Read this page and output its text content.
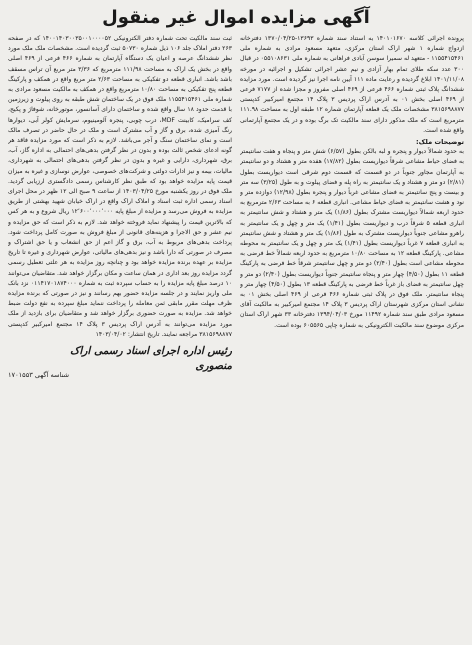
آگهی مزایده اموال غیر منقول

پرونده اجرائی کلاسه ۱۴۰۱۰۱۶۷۰ به استناد سند شماره ۱۳۶۹۳-۱۳۷۰/۰۴/۲۵ دفترخانه ازدواج شماره ۱ شهر اراک استان مرکزی، متعهد مسعود مرادی به شماره ملی ۱۱۵۵۴۱۵۴۶۱ - متعهد له سمیرا سوسن آبادی فراهانی به شماره ملی ۰۵۵۱۰۸۶۳۱ در قبال ۳۰۰ عدد سکه طلای تمام بهار آزادی و نیم عشر اجرائی تشکیل و اجرائیه در مورخه ۱۴۰۱/۱۱/۰۸ ابلاغ گردیده و رعایت ماده ۱۱۱ آیین نامه اجرا نیز گردیده است. مورد مزایده ششدانگ پلاک ثبتی شماره ۴۶۶ فرعی از ۴۶۹ اصلی مفروز و مجزا شده از ۷۱۷۷ فرعی از ۴۶۹ اصلی بخش ۰۱ به آدرس اراک پردیس ۳ پلاک ۱۴ مجتمع امیرکبیر کدپستی ۳۸۱۵۶۹۸۸۷۷ مشخصات ملک یک قطعه آپارتمان شماره ۱۲ طبقه اول به مساحت ۱۱۱.۹۸ مترمربع است که ملک مذکور دارای سند مالکیت تک برگ بوده و در یک مجتمع آپارتمانی واقع شده است.

توضیحات ملک:

به حدود شمالاً دیوار و پنجره و لبه بالکن بطول (۶/۵۷) شش متر و پنجاه و هفت سانتیمتر به فضای حیاط مشاعی شرقاً دیواریست بطول (۱۷/۸۲) هفده متر و هشتاد و دو سانتیمتر به آپارتمان مجاور جنوباً در دو قسمت که قسمت دوم شرقی است دیواریست بطول (۲/۸۱) دو متر و هشتاد و یک سانتیمتر به راه پله و فضای پیلوت و به طول (۳/۲۵) سه متر و بیست و پنج سانتیمتر به فضای مشاعی غرباً دیوار و پنجره بطول (۱۲/۹۸) دوازده متر و نود و هشت سانتیمتر به فضای حیاط مشاعی. انباری قطعه ۶ به مساحت ۲/۶۳ مترمربع به حدود اربعه شمالاً دیواریست مشترک بطول (۱/۸۶) یک متر و هشتاد و شش سانتیمتر به انباری قطعه ۵ شرقاً درب و دیواریست بطول (۱/۴۱) یک متر و چهل و یک سانتیمتر به راهرو مشاعی جنوباً دیواریست مشترک به طول (۱/۸۶) یک متر و هشتاد و شش سانتیمتر به انباری قطعه ۷ غرباً دیواریست بطول (۱/۴۱) یک متر و چهل و یک سانتیمتر به محوطه مشاعی. پارکینگ قطعه ۱۲ به مساحت ۱۰/۸۰ مترمربع به حدود اربعه شمالاً خط فرضی به محوطه مشاعی است بطول (۲/۴۰) دو متر و چهل سانتیمتر شرقاً خط فرضی به پارکینگ قطعه ۱۱ بطول (۴/۵۰) چهار متر و پنجاه سانتیمتر جنوباً دیواریست بطول (۲/۴۰) دو متر و چهل سانتیمتر به فضای باز غرباً خط فرضی به پارکینگ قطعه ۱۳ بطول (۴/۵۰) چهار متر و پنجاه سانتیمتر. ملک فوق در پلاک ثبتی شماره ۴۶۶ فرعی از ۴۶۹ اصلی بخش ۰۱ به نشانی استان مرکزی شهرستان اراک پردیس ۳ پلاک ۱۴ مجتمع امیرکبیر به مالکیت آقای مسعود مرادی طبق سند شماره ۱۱۴۹۲ مورخ ۱۳۹۴/۰۴/۰۳ دفترخانه ۳۳ شهر اراک استان مرکزی موضوع سند مالکیت الکترونیکی به شماره چاپی ۶۰۵۵۶۵ بوده است.

ثبت سند مالکیت تحت شماره دفتر الکترونیکی ۱۴۰۰۱۴۰۳۰۰۳۵۰۰۱۰۰۰۰۵۲ که در صفحه ۲۶۳ دفتر املاک جلد ۱۰۶ ذیل شماره ۵۰۷۳۰ ثبت گردیده است. مشخصات ملک ملک مورد نظر ششدانگ عرصه و اعیان یک دستگاه آپارتمان به شماره ۴۶۶ فرعی از ۴۶۹ اصلی واقع در بخش یک اراک به مساحت ۱۱۱/۹۸ مترمربع که ۳/۳۶ متر مربع آن تراس مسقف باشد باشد. انباری قطعه دو تفکیکی به مساحت ۲/۶۳ متر مربع واقع در همکف و پارکینگ قطعه پنج تفکیکی به مساحت ۱۰/۸۰ مترمربع واقع در همکف به مالکیت مسعود مرادی به شماره ملی ۱۱۵۵۴۱۵۴۶۱ ملک فوق در یک ساختمان شش طبقه به روی پیلوت و زیرزمین با قدمت حدود ۱۸ سال واقع شده و ساختمان دارای آسانسور، موتورخانه، شوفاژ و پکیج، کف سرامیک، کابینت MDF، درب چوبی، پنجره آلومینیوم، سرمایش کولر آبی، دیوارها رنگ آمیزی شده، برق و گاز و آب مشترک است و ملک در حال حاضر در تصرف مالک است و نمای ساختمان سنگ و آجر می‌باشد. لازم به ذکر است که مورد مزایده فاقد هر گونه ادعای شخص ثالث بوده و بدون در نظر گرفتن بدهی‌های احتمالی به اداره گاز، آب، برق، شهرداری، دارایی و غیره و بدون در نظر گرفتن بدهی‌های احتمالی به شهرداری، مالیات، بیمه و نیز ادارات دولتی و شرکت‌های خصوصی، عوارض نوسازی و غیره به میزان قیمت پایه مزایده خواهد بود که طبق نظر کارشناس رسمی دادگستری ارزیابی گردید. ملک فوق در روز یکشنبه مورخ ۱۴۰۳/۰۴/۲۵ از ساعت ۹ صبح الی ۱۲ ظهر در محل اجرای اسناد رسمی اداره ثبت اسناد و املاک اراک واقع در اراک خیابان شهید بهشتی از طریق مزایده به فروش می‌رسد و مزایده از مبلغ پایه ۱۲٬۶۰۰٬۰۰۰٬۰۰۰ ریال شروع و به هر کس که بالاترین قیمت را پیشنهاد نماید فروخته خواهد شد. لازم به ذکر است که حق مزایده و نیم عشر و حق الاجرا و هزینه‌های قانونی از مبلغ فروش به صورت کامل پرداخت شود. پرداخت بدهی‌های مربوط به آب، برق و گاز اعم از حق انشعاب و یا حق اشتراک و مصرف در صورتی که دارا باشد و نیز بدهی‌های مالیاتی، عوارض شهرداری و غیره تا تاریخ مزایده بر عهده برنده مزایده خواهد بود و چنانچه روز مزایده به هر علتی تعطیل رسمی گردد مزایده روز بعد اداری در همان ساعت و مکان برگزار خواهد شد. متقاضیان می‌توانند ۱۰ درصد مبلغ پایه مزایده را به حساب سپرده ثبت به شماره ۰۱۱۴۱۷۰۱۸۷۴۰۰۰ نزد بانک ملی واریز نمایند و در جلسه مزایده حضور بهم رسانند و نیز در صورتی که برنده مزایده ظرف مهلت مقرر مابقی ثمن معامله را پرداخت ننماید مبلغ سپرده به نفع دولت ضبط خواهد شد. مزایده به صورت حضوری برگزار خواهد شد و متقاضیان برای بازدید از ملک مورد مزایده می‌توانند به آدرس اراک پردیس ۳ پلاک ۱۴ مجتمع امیرکبیر کدپستی ۳۸۱۵۶۹۸۸۷۷ مراجعه نمایند. تاریخ انتشار: ۱۴۰۳/۰۴/۰۲

رئیس اداره اجرای اسناد رسمی اراک
منصوری
شناسه آگهی ۱۷۰۱۵۵۳
